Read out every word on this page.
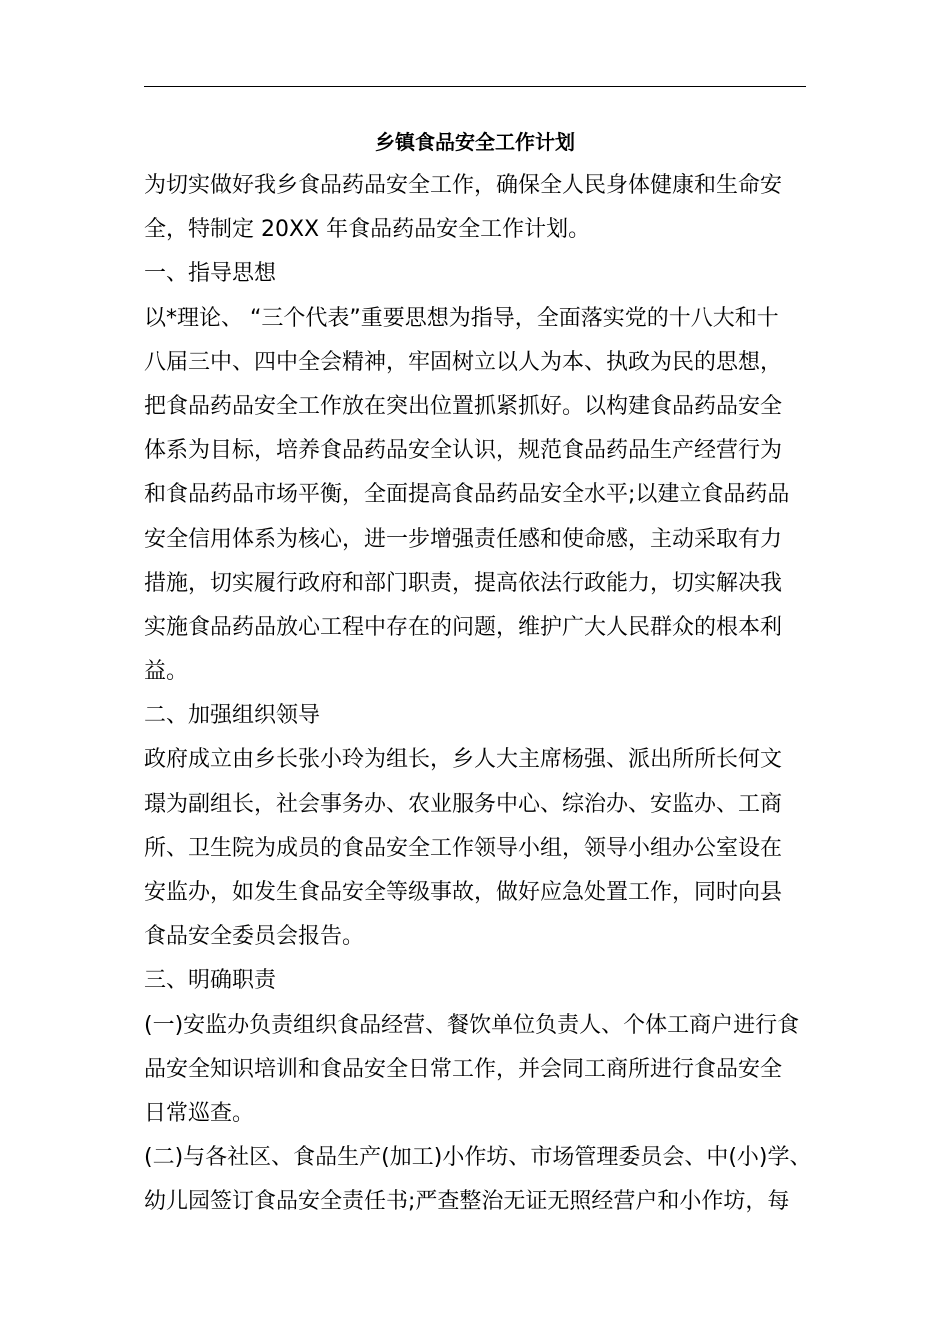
乡镇食品安全工作计划
为切实做好我乡食品药品安全工作，确保全人民身体健康和生命安
全，特制定 20XX 年食品药品安全工作计划。
一、指导思想
以*理论、 “三个代表”重要思想为指导，全面落实党的十八大和十
八届三中、四中全会精神，牢固树立以人为本、执政为民的思想，
把食品药品安全工作放在突出位置抓紧抓好。以构建食品药品安全
体系为目标，培养食品药品安全认识，规范食品药品生产经营行为
和食品药品市场平衡，全面提高食品药品安全水平;以建立食品药品
安全信用体系为核心，进一步增强责任感和使命感，主动采取有力
措施，切实履行政府和部门职责，提高依法行政能力，切实解决我
实施食品药品放心工程中存在的问题，维护广大人民群众的根本利
益。
二、加强组织领导
政府成立由乡长张小玲为组长，乡人大主席杨强、派出所所长何文
璟为副组长，社会事务办、农业服务中心、综治办、安监办、工商
所、卫生院为成员的食品安全工作领导小组，领导小组办公室设在
安监办，如发生食品安全等级事故，做好应急处置工作，同时向县
食品安全委员会报告。
三、明确职责
(一)安监办负责组织食品经营、餐饮单位负责人、个体工商户进行食
品安全知识培训和食品安全日常工作，并会同工商所进行食品安全
日常巡查。
(二)与各社区、食品生产(加工)小作坊、市场管理委员会、中(小)学、
幼儿园签订食品安全责任书;严查整治无证无照经营户和小作坊，每
